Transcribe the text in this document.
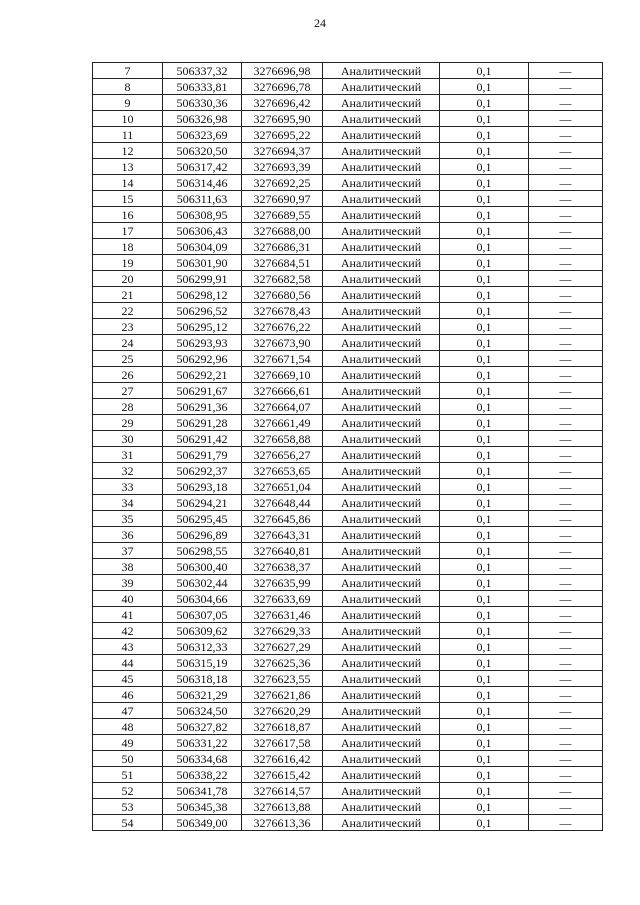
24
7	506337,32	3276696,98	Аналитический	0,1	—
8	506333,81	3276696,78	Аналитический	0,1	—
9	506330,36	3276696,42	Аналитический	0,1	—
10	506326,98	3276695,90	Аналитический	0,1	—
11	506323,69	3276695,22	Аналитический	0,1	—
12	506320,50	3276694,37	Аналитический	0,1	—
13	506317,42	3276693,39	Аналитический	0,1	—
14	506314,46	3276692,25	Аналитический	0,1	—
15	506311,63	3276690,97	Аналитический	0,1	—
16	506308,95	3276689,55	Аналитический	0,1	—
17	506306,43	3276688,00	Аналитический	0,1	—
18	506304,09	3276686,31	Аналитический	0,1	—
19	506301,90	3276684,51	Аналитический	0,1	—
20	506299,91	3276682,58	Аналитический	0,1	—
21	506298,12	3276680,56	Аналитический	0,1	—
22	506296,52	3276678,43	Аналитический	0,1	—
23	506295,12	3276676,22	Аналитический	0,1	—
24	506293,93	3276673,90	Аналитический	0,1	—
25	506292,96	3276671,54	Аналитический	0,1	—
26	506292,21	3276669,10	Аналитический	0,1	—
27	506291,67	3276666,61	Аналитический	0,1	—
28	506291,36	3276664,07	Аналитический	0,1	—
29	506291,28	3276661,49	Аналитический	0,1	—
30	506291,42	3276658,88	Аналитический	0,1	—
31	506291,79	3276656,27	Аналитический	0,1	—
32	506292,37	3276653,65	Аналитический	0,1	—
33	506293,18	3276651,04	Аналитический	0,1	—
34	506294,21	3276648,44	Аналитический	0,1	—
35	506295,45	3276645,86	Аналитический	0,1	—
36	506296,89	3276643,31	Аналитический	0,1	—
37	506298,55	3276640,81	Аналитический	0,1	—
38	506300,40	3276638,37	Аналитический	0,1	—
39	506302,44	3276635,99	Аналитический	0,1	—
40	506304,66	3276633,69	Аналитический	0,1	—
41	506307,05	3276631,46	Аналитический	0,1	—
42	506309,62	3276629,33	Аналитический	0,1	—
43	506312,33	3276627,29	Аналитический	0,1	—
44	506315,19	3276625,36	Аналитический	0,1	—
45	506318,18	3276623,55	Аналитический	0,1	—
46	506321,29	3276621,86	Аналитический	0,1	—
47	506324,50	3276620,29	Аналитический	0,1	—
48	506327,82	3276618,87	Аналитический	0,1	—
49	506331,22	3276617,58	Аналитический	0,1	—
50	506334,68	3276616,42	Аналитический	0,1	—
51	506338,22	3276615,42	Аналитический	0,1	—
52	506341,78	3276614,57	Аналитический	0,1	—
53	506345,38	3276613,88	Аналитический	0,1	—
54	506349,00	3276613,36	Аналитический	0,1	—
